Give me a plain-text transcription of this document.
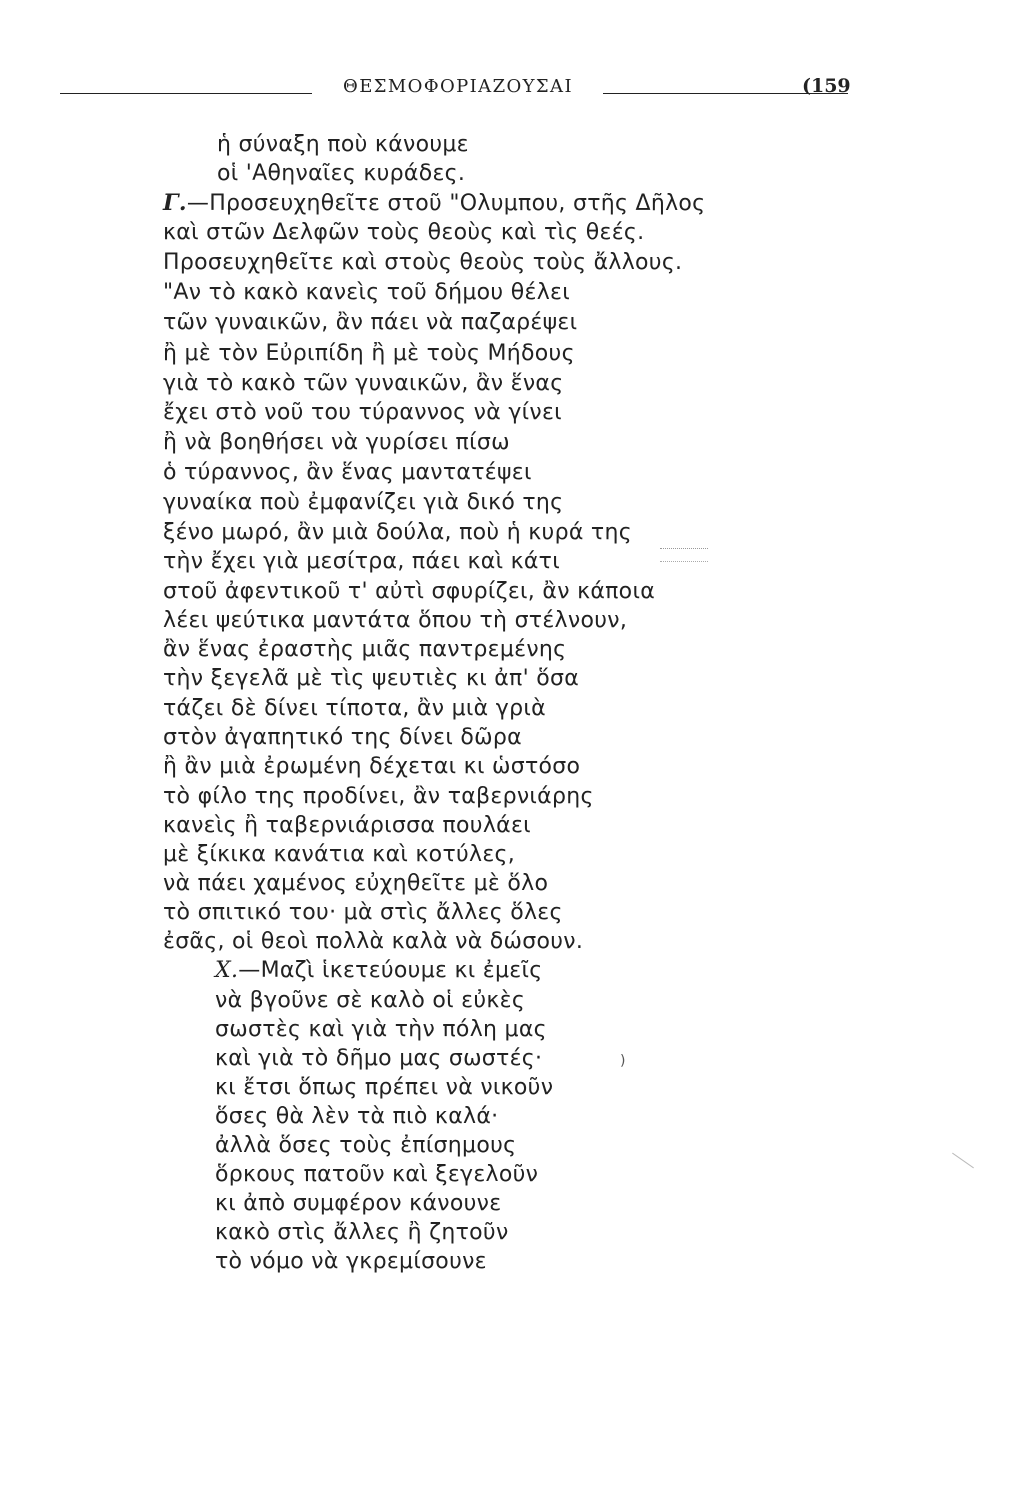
ΘΕΣΜΟΦΟΡΙΑΖΟΥΣΑΙ	(159
ἡ σύναξη ποὺ κάνουμε
οἱ 'Αθηναῖες κυράδες.
Γ.—Προσευχηθεῖτε στοῦ "Ολυμπου, στῆς Δῆλος
καὶ στῶν Δελφῶν τοὺς θεοὺς καὶ τὶς θεές.
Προσευχηθεῖτε καὶ στοὺς θεοὺς τοὺς ἄλλους.
"Αν τὸ κακὸ κανεὶς τοῦ δήμου θέλει
τῶν γυναικῶν, ἂν πάει νὰ παζαρέψει
ἢ μὲ τὸν Εὐριπίδη ἢ μὲ τοὺς Μήδους
γιὰ τὸ κακὸ τῶν γυναικῶν, ἂν ἕνας
ἔχει στὸ νοῦ του τύραννος νὰ γίνει
ἢ νὰ βοηθήσει νὰ γυρίσει πίσω
ὁ τύραννος, ἂν ἕνας μαντατέψει
γυναίκα ποὺ ἐμφανίζει γιὰ δικό της
ξένο μωρό, ἂν μιὰ δούλα, ποὺ ἡ κυρά της
τὴν ἔχει γιὰ μεσίτρα, πάει καὶ κάτι
στοῦ ἀφεντικοῦ τ' αὐτὶ σφυρίζει, ἂν κάποια
λέει ψεύτικα μαντάτα ὅπου τὴ στέλνουν,
ἂν ἕνας ἐραστὴς μιᾶς παντρεμένης
τὴν ξεγελᾶ μὲ τὶς ψευτιὲς κι ἀπ' ὅσα
τάζει δὲ δίνει τίποτα, ἂν μιὰ γριὰ
στὸν ἀγαπητικό της δίνει δῶρα
ἢ ἂν μιὰ ἐρωμένη δέχεται κι ὡστόσο
τὸ φίλο της προδίνει, ἂν ταβερνιάρης
κανεὶς ἢ ταβερνιάρισσα πουλάει
μὲ ξίκικα κανάτια καὶ κοτύλες,
νὰ πάει χαμένος εὐχηθεῖτε μὲ ὅλο
τὸ σπιτικό του· μὰ στὶς ἄλλες ὅλες
ἐσᾶς, οἱ θεοὶ πολλὰ καλὰ νὰ δώσουν.
Χ.—Μαζὶ ἱκετεύουμε κι ἐμεῖς
νὰ βγοῦνε σὲ καλὸ οἱ εὐκὲς
σωστὲς καὶ γιὰ τὴν πόλη μας
καὶ γιὰ τὸ δῆμο μας σωστές·
κι ἔτσι ὅπως πρέπει νὰ νικοῦν
ὅσες θὰ λὲν τὰ πιὸ καλά·
ἀλλὰ ὅσες τοὺς ἐπίσημους
ὅρκους πατοῦν καὶ ξεγελοῦν
κι ἀπὸ συμφέρον κάνουνε
κακὸ στὶς ἄλλες ἢ ζητοῦν
τὸ νόμο νὰ γκρεμίσουνε
)
